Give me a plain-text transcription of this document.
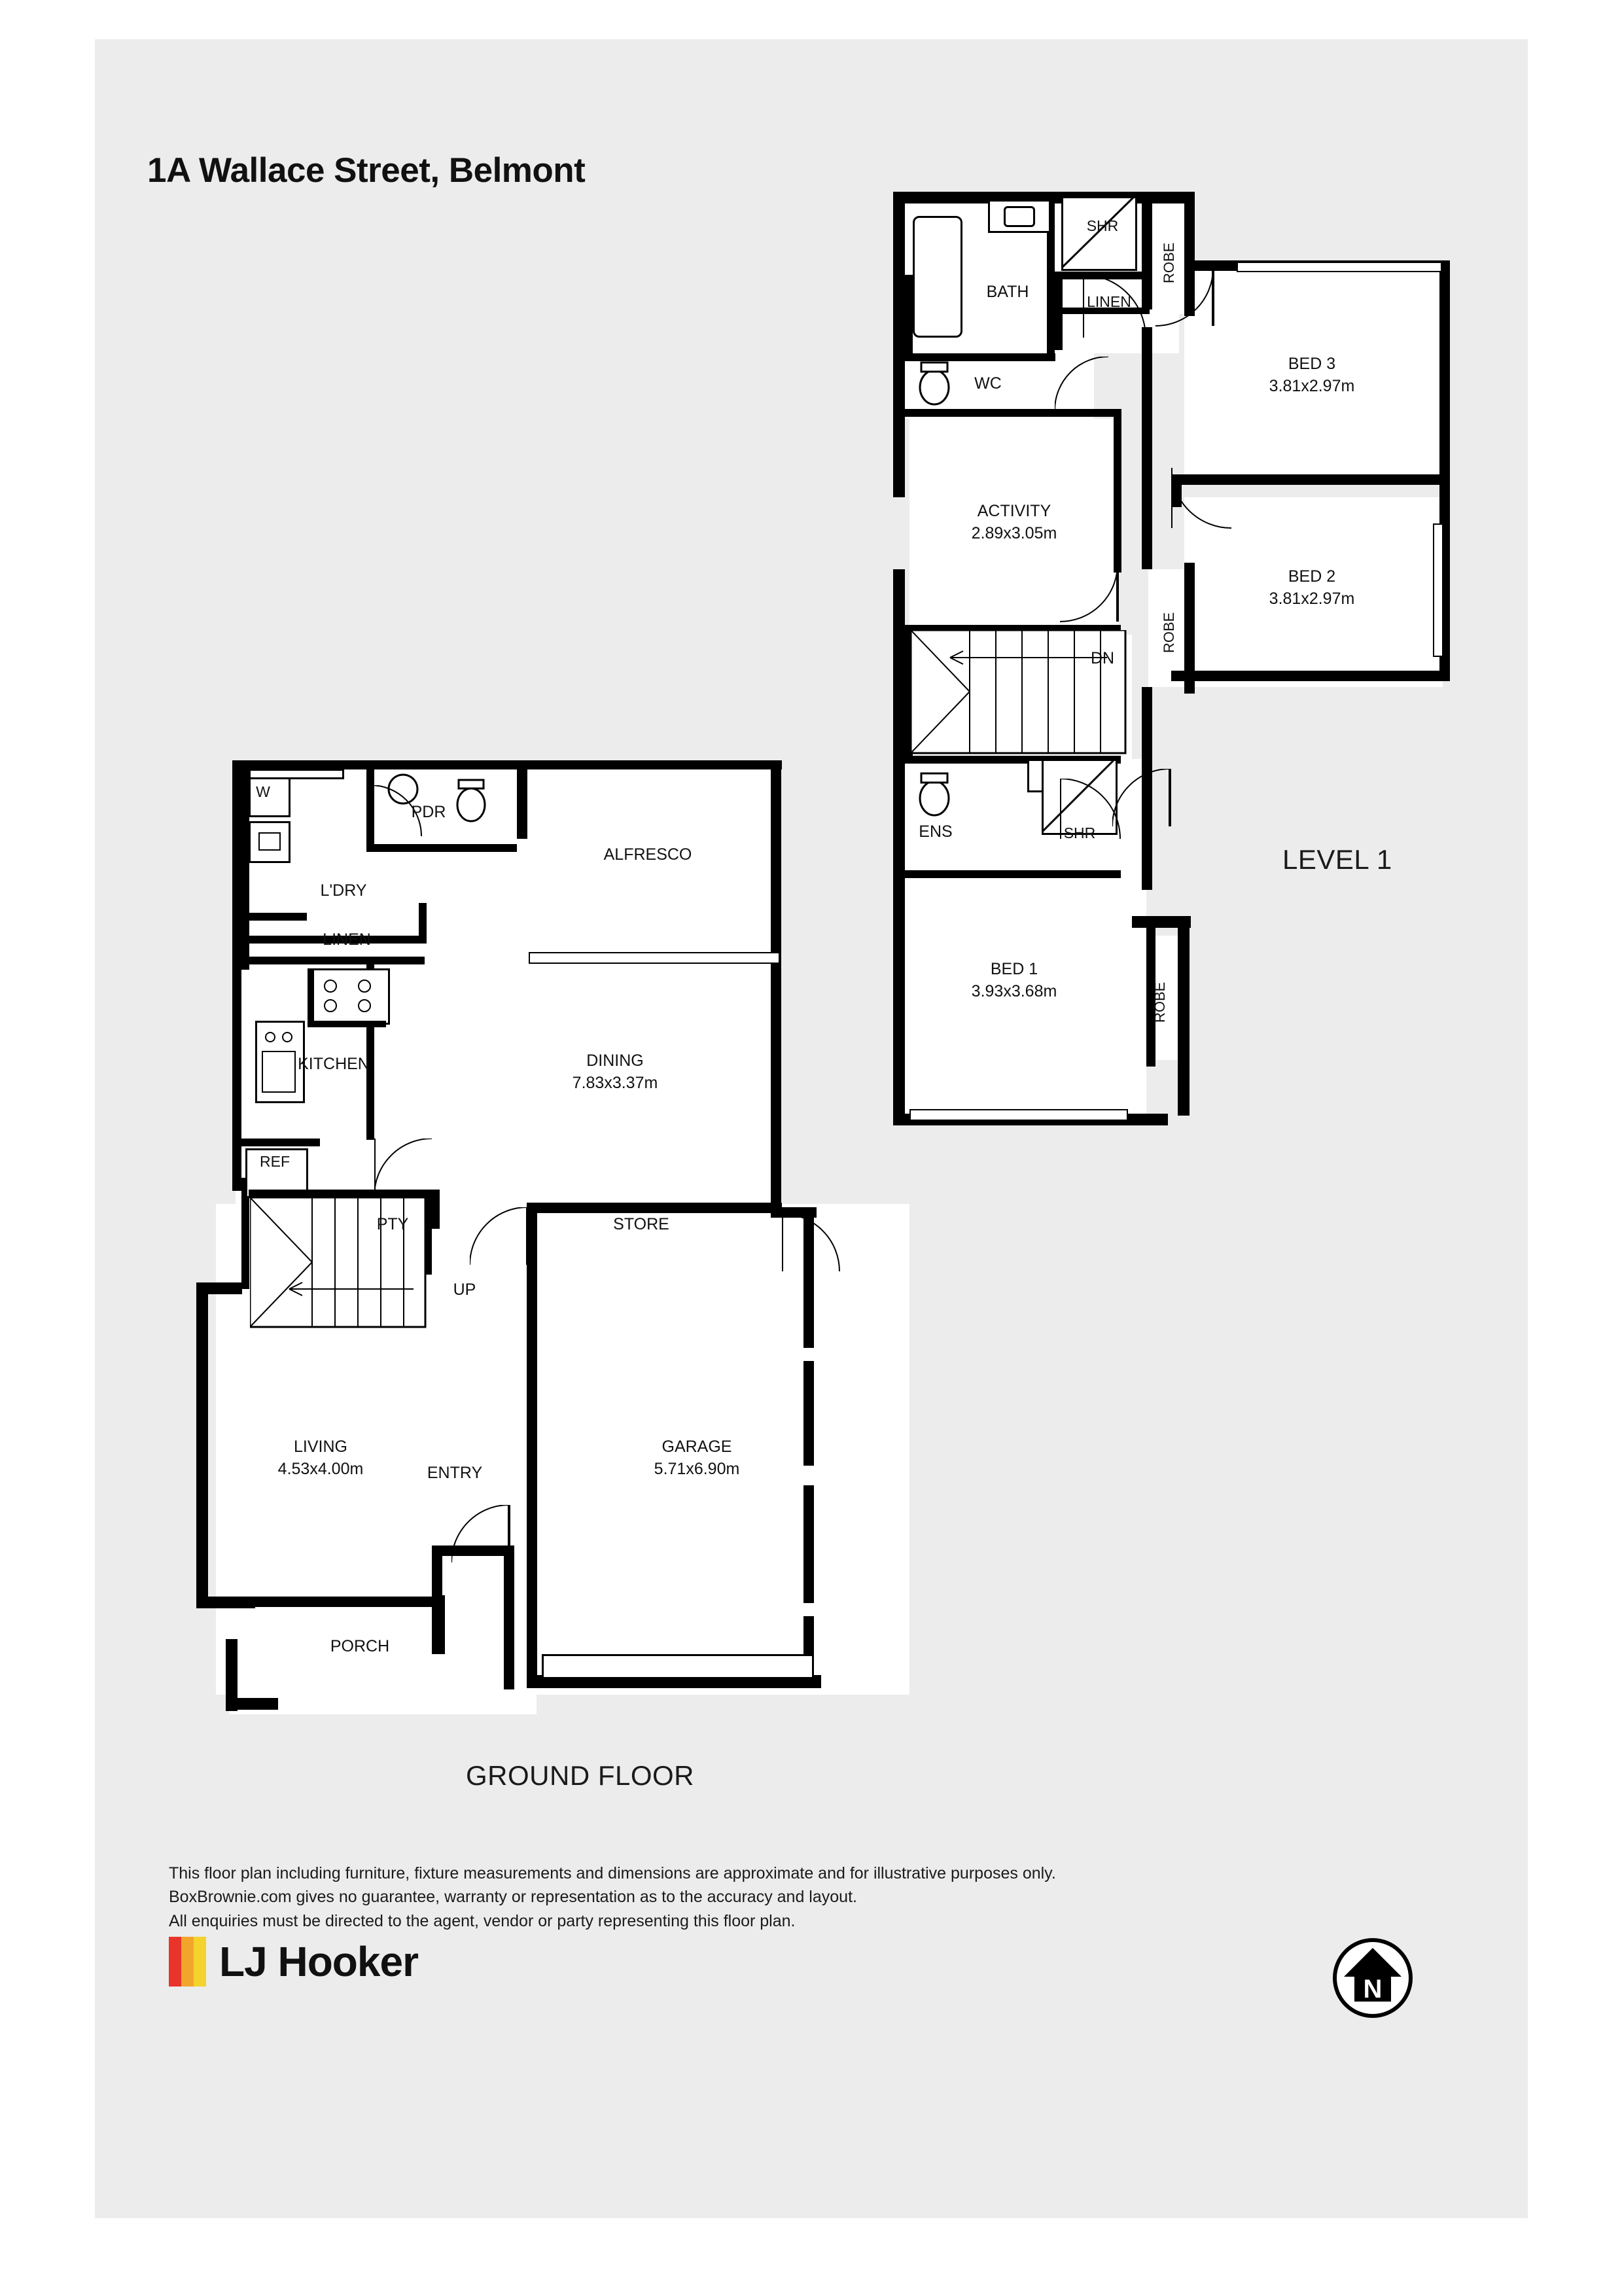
1A Wallace Street, Belmont
BATH
SHR
LINEN
WC
BED 3
3.81x2.97m
BED 2
3.81x2.97m
ACTIVITY
2.89x3.05m
DN
ENS	SHR
BED 1
3.93x3.68m
ROBE
ROBE
ROBE
LEVEL 1
W
PDR
L'DRY
LINEN
ALFRESCO
KITCHEN	DINING
7.83x3.37m
REF
PTY	STORE
UP
LIVING
4.53x4.00m	ENTRY
GARAGE
5.71x6.90m
PORCH
GROUND FLOOR
This floor plan including furniture, fixture measurements and dimensions are approximate and for illustrative purposes only.
BoxBrownie.com gives no guarantee, warranty or representation as to the accuracy and layout.
All enquiries must be directed to the agent, vendor or party representing this floor plan.
LJ Hooker
N
